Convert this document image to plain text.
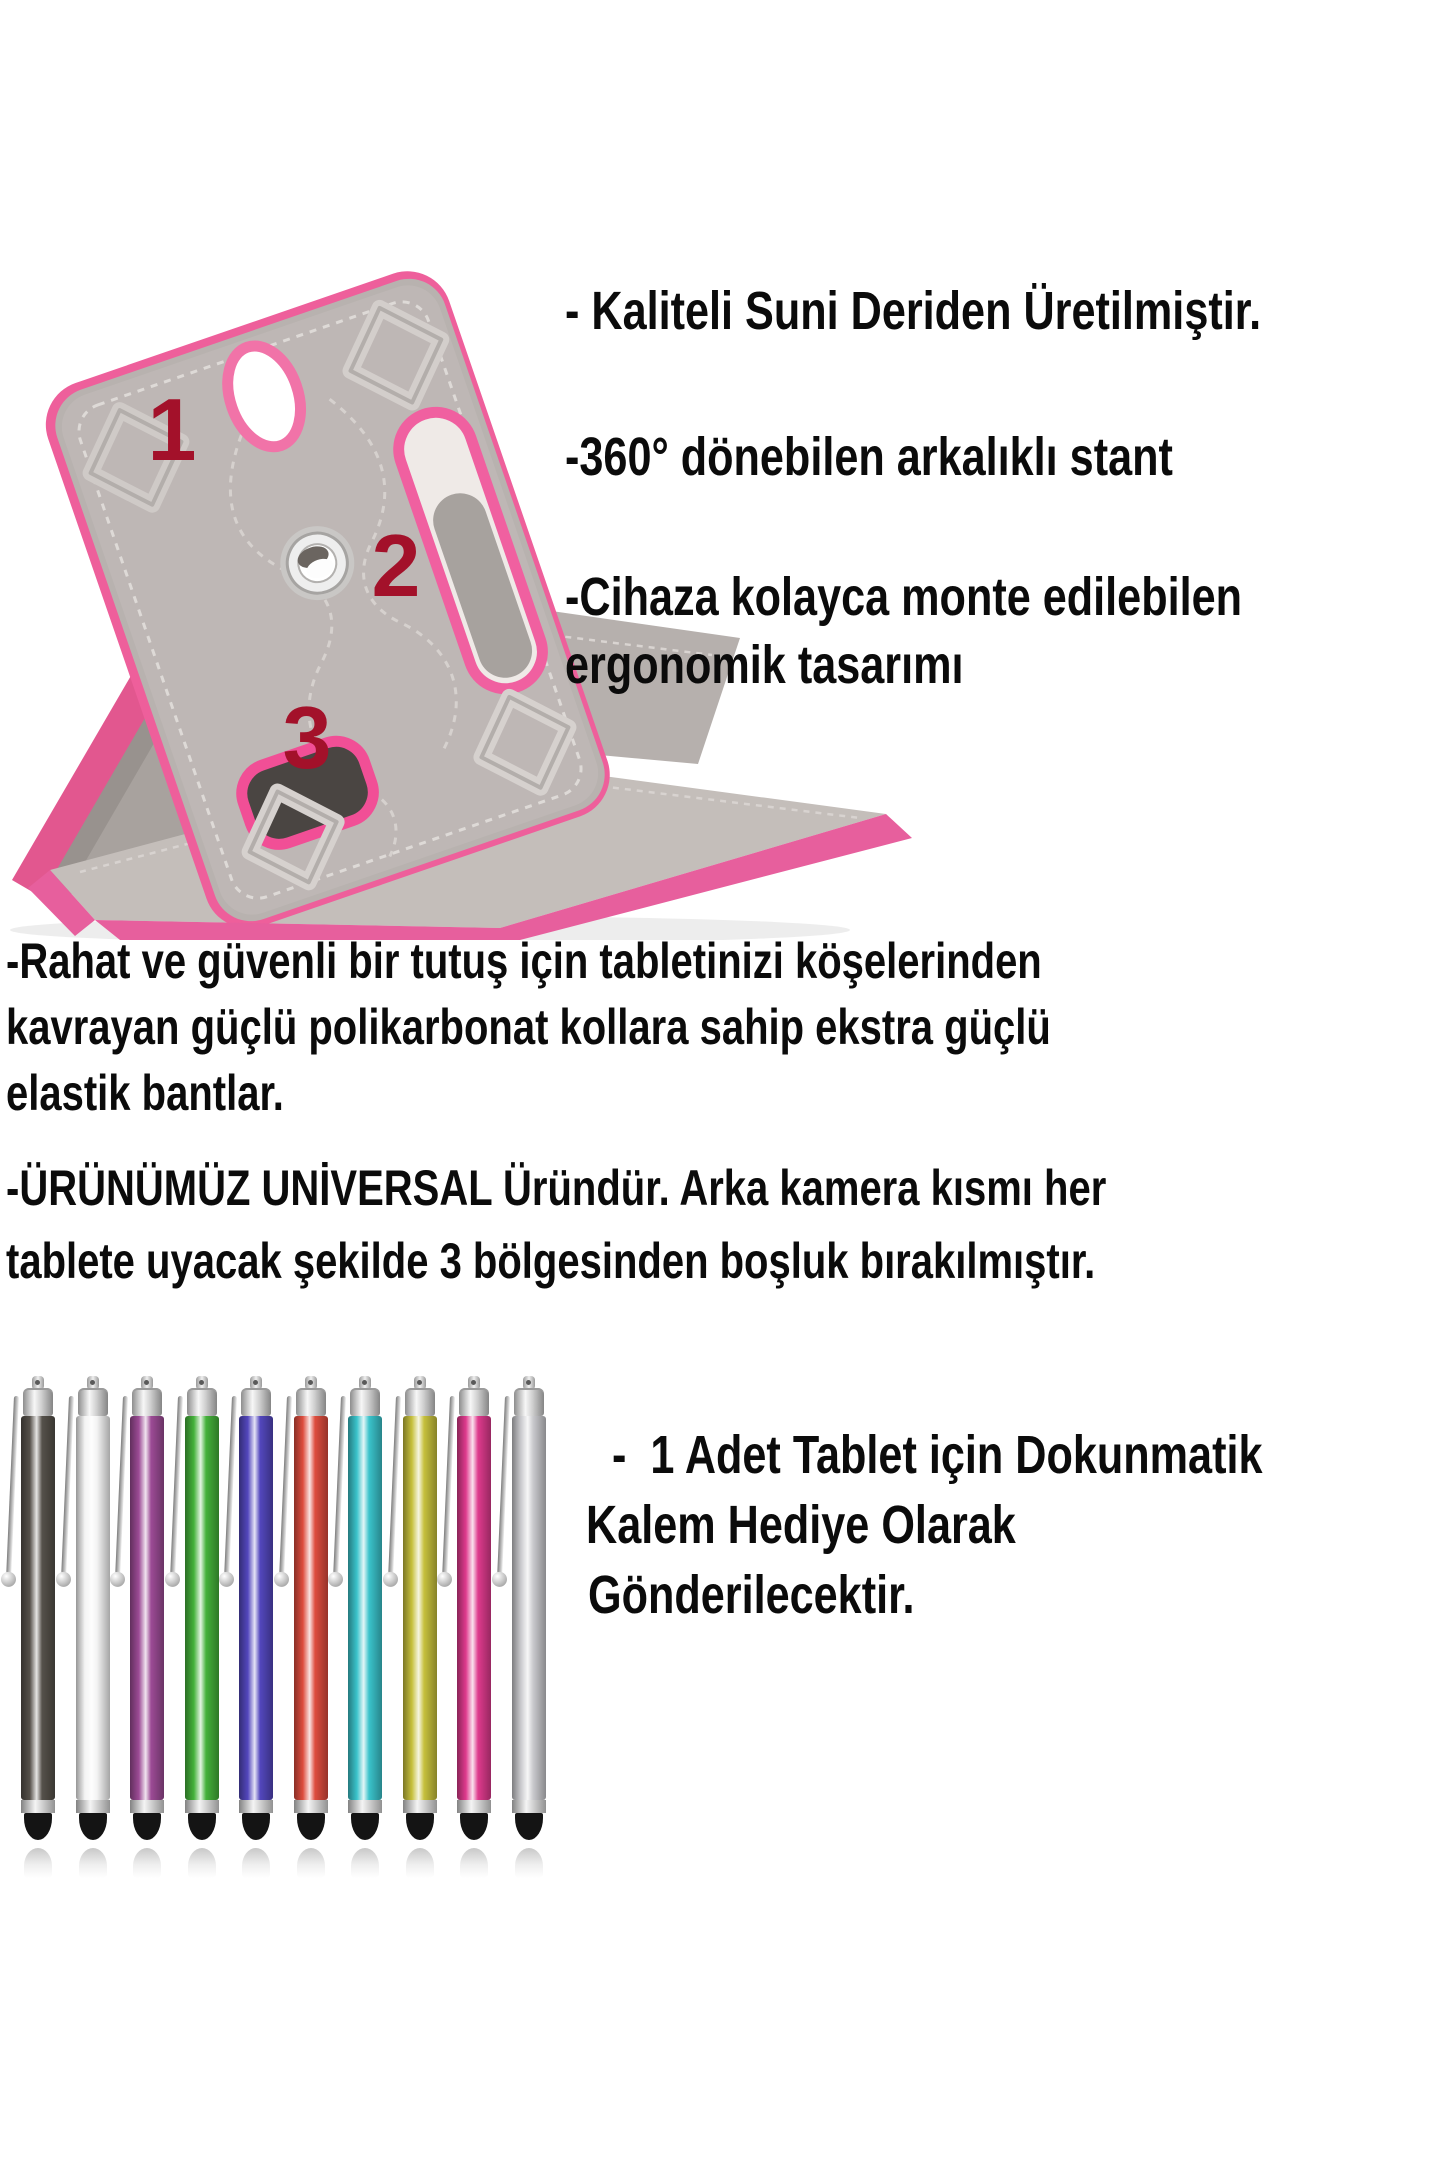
1
2
3
- Kaliteli Suni Deriden Üretilmiştir.
-360° dönebilen arkalıklı stant
-Cihaza kolayca monte edilebilen
ergonomik tasarımı
-Rahat ve güvenli bir tutuş için tabletinizi köşelerinden
kavrayan güçlü polikarbonat kollara sahip ekstra güçlü
elastik bantlar.
-ÜRÜNÜMÜZ UNİVERSAL Üründür. Arka kamera kısmı her
tablete uyacak şekilde 3 bölgesinden boşluk bırakılmıştır.
-  1 Adet Tablet için Dokunmatik
Kalem Hediye Olarak
Gönderilecektir.
